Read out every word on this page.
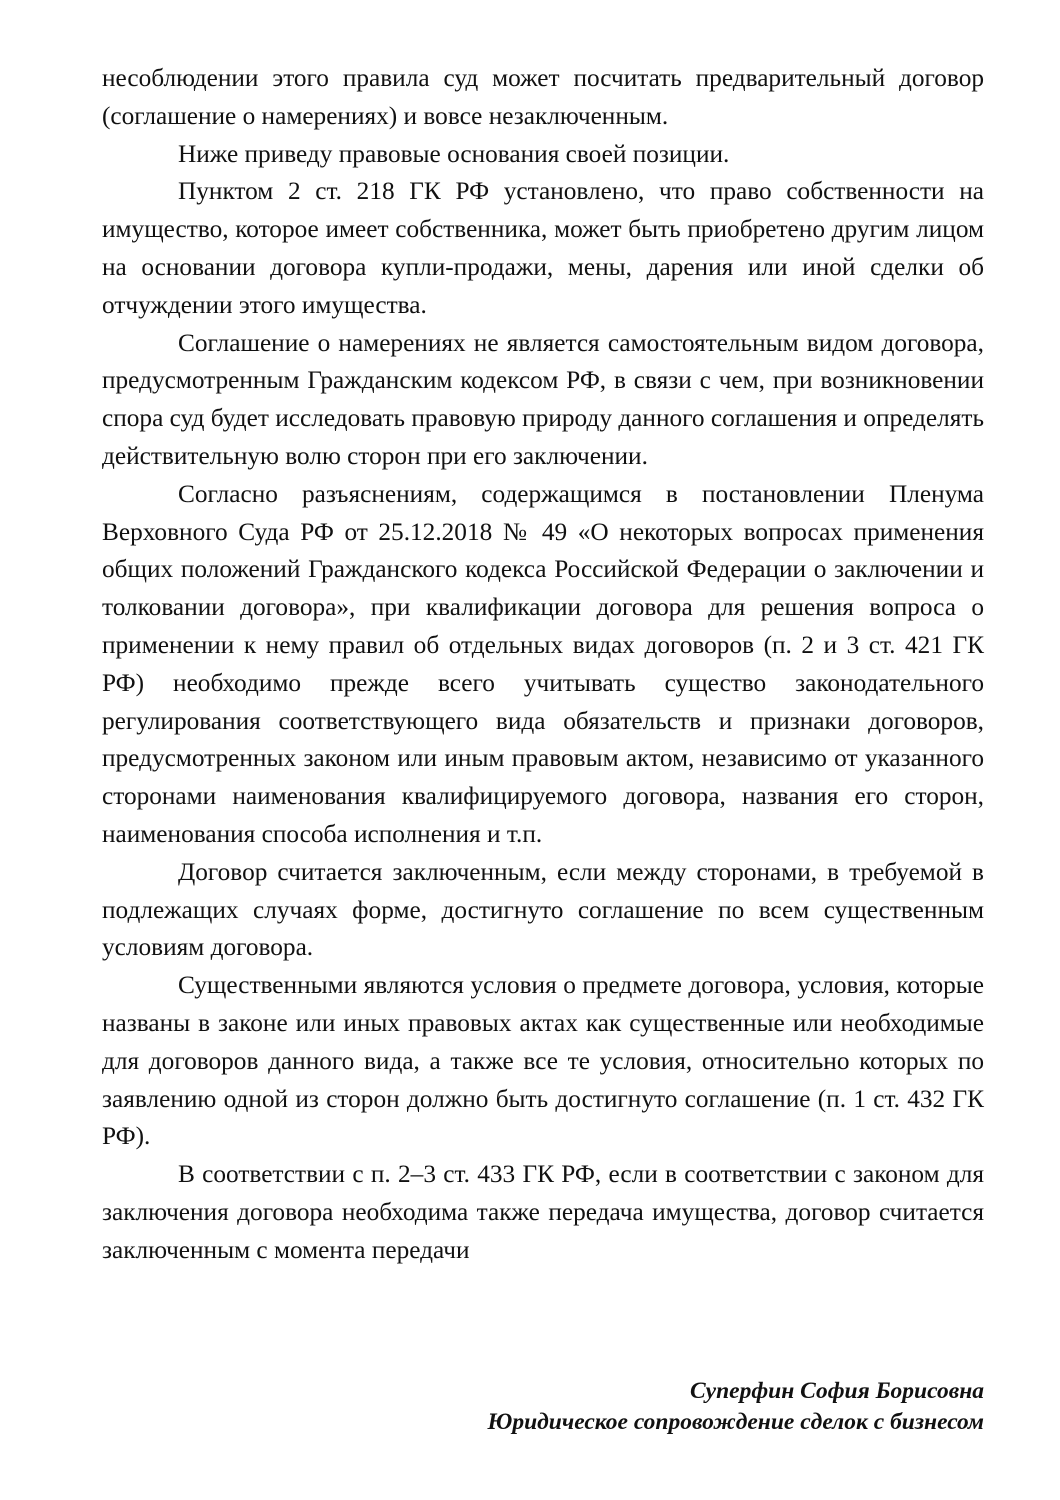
несоблюдении этого правила суд может посчитать предварительный договор (соглашение о намерениях) и вовсе незаключенным.

Ниже приведу правовые основания своей позиции.

Пунктом 2 ст. 218 ГК РФ установлено, что право собственности на имущество, которое имеет собственника, может быть приобретено другим лицом на основании договора купли-продажи, мены, дарения или иной сделки об отчуждении этого имущества.

Соглашение о намерениях не является самостоятельным видом договора, предусмотренным Гражданским кодексом РФ, в связи с чем, при возникновении спора суд будет исследовать правовую природу данного соглашения и определять действительную волю сторон при его заключении.

Согласно разъяснениям, содержащимся в постановлении Пленума Верховного Суда РФ от 25.12.2018 № 49 «О некоторых вопросах применения общих положений Гражданского кодекса Российской Федерации о заключении и толковании договора», при квалификации договора для решения вопроса о применении к нему правил об отдельных видах договоров (п. 2 и 3 ст. 421 ГК РФ) необходимо прежде всего учитывать существо законодательного регулирования соответствующего вида обязательств и признаки договоров, предусмотренных законом или иным правовым актом, независимо от указанного сторонами наименования квалифицируемого договора, названия его сторон, наименования способа исполнения и т.п.

Договор считается заключенным, если между сторонами, в требуемой в подлежащих случаях форме, достигнуто соглашение по всем существенным условиям договора.

Существенными являются условия о предмете договора, условия, которые названы в законе или иных правовых актах как существенные или необходимые для договоров данного вида, а также все те условия, относительно которых по заявлению одной из сторон должно быть достигнуто соглашение (п. 1 ст. 432 ГК РФ).

В соответствии с п. 2–3 ст. 433 ГК РФ, если в соответствии с законом для заключения договора необходима также передача имущества, договор считается заключенным с момента передачи

Суперфин София Борисовна
Юридическое сопровождение сделок с бизнесом
